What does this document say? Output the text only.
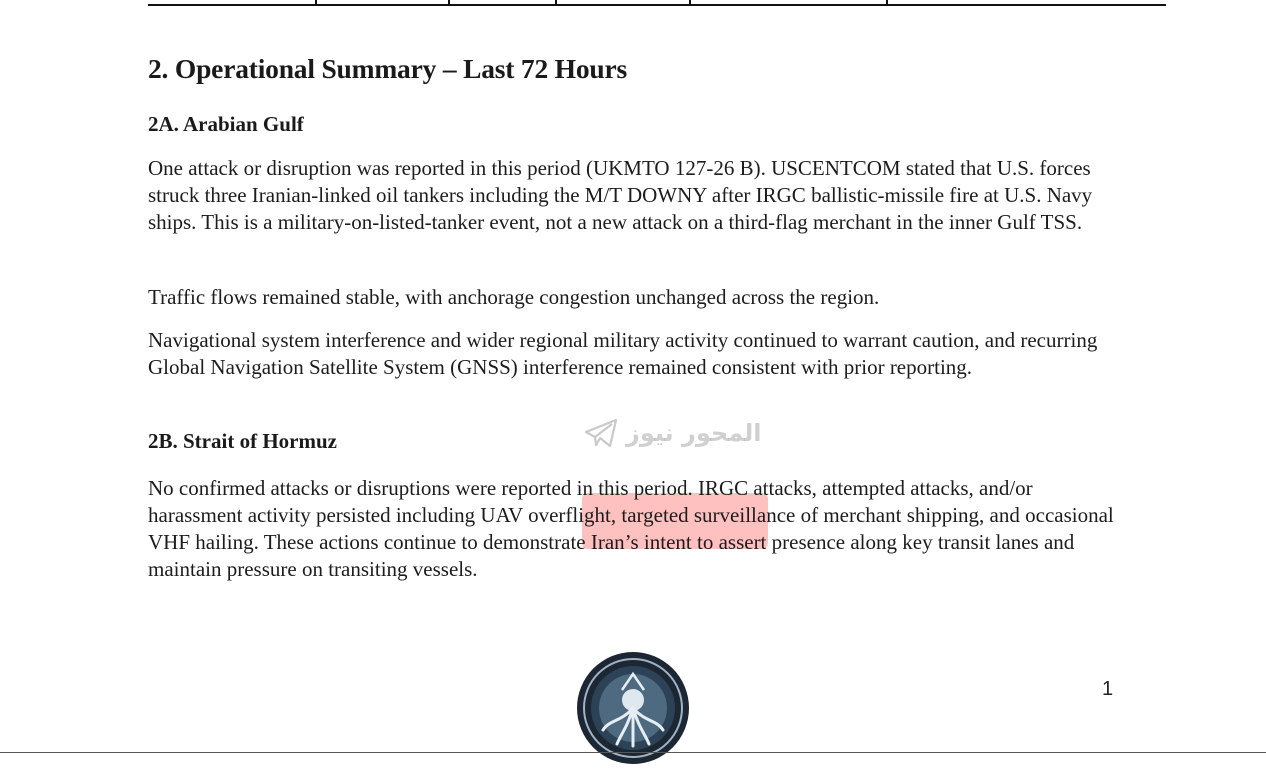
2. Operational Summary – Last 72 Hours
2A. Arabian Gulf

One attack or disruption was reported in this period (UKMTO 127-26 B). USCENTCOM stated that U.S. forces struck three Iranian-linked oil tankers including the M/T DOWNY after IRGC ballistic-missile fire at U.S. Navy ships. This is a military-on-listed-tanker event, not a new attack on a third-flag merchant in the inner Gulf TSS.

Traffic flows remained stable, with anchorage congestion unchanged across the region.

Navigational system interference and wider regional military activity continued to warrant caution, and recurring Global Navigation Satellite System (GNSS) interference remained consistent with prior reporting.

2B. Strait of Hormuz

No confirmed attacks or disruptions were reported in this period. IRGC attacks, attempted attacks, and/or harassment activity persisted including UAV overflight, targeted surveillance of merchant shipping, and occasional VHF hailing. These actions continue to demonstrate Iran’s intent to assert presence along key transit lanes and maintain pressure on transiting vessels.

المحور نيوز
1
